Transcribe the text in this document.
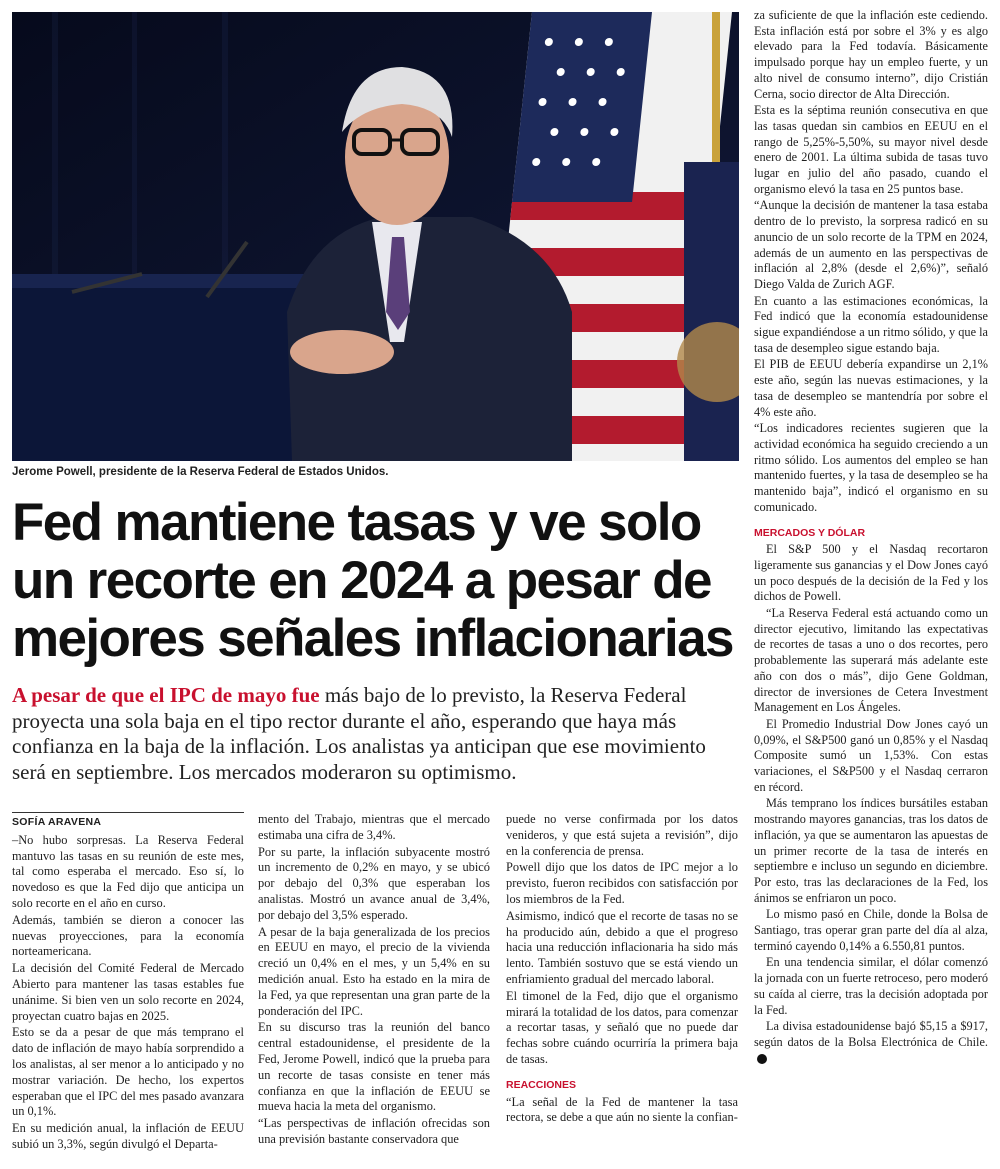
Jerome Powell, presidente de la Reserva Federal de Estados Unidos.
Fed mantiene tasas y ve solo un recorte en 2024 a pesar de mejores señales inflacionarias

A pesar de que el IPC de mayo fue más bajo de lo previsto, la Reserva Federal proyecta una sola baja en el tipo rector durante el año, esperando que haya más confianza en la baja de la inflación. Los analistas ya anticipan que ese movimiento será en septiembre. Los mercados moderaron su optimismo.

SOFÍA ARAVENA

–No hubo sorpresas. La Reserva Federal mantuvo las tasas en su reunión de este mes, tal como esperaba el mercado. Eso sí, lo novedoso es que la Fed dijo que anticipa un solo recorte en el año en curso.

Además, también se dieron a conocer las nuevas proyecciones, para la economía norteamericana.

La decisión del Comité Federal de Mercado Abierto para mantener las tasas estables fue unánime. Si bien ven un solo recorte en 2024, proyectan cuatro bajas en 2025.

Esto se da a pesar de que más temprano el dato de inflación de mayo había sorprendido a los analistas, al ser menor a lo anticipado y no mostrar variación. De hecho, los expertos esperaban que el IPC del mes pasado avanzara un 0,1%.

En su medición anual, la inflación de EEUU subió un 3,3%, según divulgó el Departa-

mento del Trabajo, mientras que el mercado estimaba una cifra de 3,4%.

Por su parte, la inflación subyacente mostró un incremento de 0,2% en mayo, y se ubicó por debajo del 0,3% que esperaban los analistas. Mostró un avance anual de 3,4%, por debajo del 3,5% esperado.

A pesar de la baja generalizada de los precios en EEUU en mayo, el precio de la vivienda creció un 0,4% en el mes, y un 5,4% en su medición anual. Esto ha estado en la mira de la Fed, ya que representan una gran parte de la ponderación del IPC.

En su discurso tras la reunión del banco central estadounidense, el presidente de la Fed, Jerome Powell, indicó que la prueba para un recorte de tasas consiste en tener más confianza en que la inflación de EEUU se mueva hacia la meta del organismo.

“Las perspectivas de inflación ofrecidas son una previsión bastante conservadora que

puede no verse confirmada por los datos venideros, y que está sujeta a revisión”, dijo en la conferencia de prensa.

Powell dijo que los datos de IPC mejor a lo previsto, fueron recibidos con satisfacción por los miembros de la Fed.

Asimismo, indicó que el recorte de tasas no se ha producido aún, debido a que el progreso hacia una reducción inflacionaria ha sido más lento. También sostuvo que se está viendo un enfriamiento gradual del mercado laboral.

El timonel de la Fed, dijo que el organismo mirará la totalidad de los datos, para comenzar a recortar tasas, y señaló que no puede dar fechas sobre cuándo ocurriría la primera baja de tasas.

REACCIONES

“La señal de la Fed de mantener la tasa rectora, se debe a que aún no siente la confian-

za suficiente de que la inflación este cediendo. Esta inflación está por sobre el 3% y es algo elevado para la Fed todavía. Básicamente impulsado porque hay un empleo fuerte, y un alto nivel de consumo interno”, dijo Cristián Cerna, socio director de Alta Dirección.

Esta es la séptima reunión consecutiva en que las tasas quedan sin cambios en EEUU en el rango de 5,25%-5,50%, su mayor nivel desde enero de 2001. La última subida de tasas tuvo lugar en julio del año pasado, cuando el organismo elevó la tasa en 25 puntos base.

“Aunque la decisión de mantener la tasa estaba dentro de lo previsto, la sorpresa radicó en su anuncio de un solo recorte de la TPM en 2024, además de un aumento en las perspectivas de inflación al 2,8% (desde el 2,6%)”, señaló Diego Valda de Zurich AGF.

En cuanto a las estimaciones económicas, la Fed indicó que la economía estadounidense sigue expandiéndose a un ritmo sólido, y que la tasa de desempleo sigue estando baja.

El PIB de EEUU debería expandirse un 2,1% este año, según las nuevas estimaciones, y la tasa de desempleo se mantendría por sobre el 4% este año.

“Los indicadores recientes sugieren que la actividad económica ha seguido creciendo a un ritmo sólido. Los aumentos del empleo se han mantenido fuertes, y la tasa de desempleo se ha mantenido baja”, indicó el organismo en su comunicado.

MERCADOS Y DÓLAR

El S&P 500 y el Nasdaq recortaron ligeramente sus ganancias y el Dow Jones cayó un poco después de la decisión de la Fed y los dichos de Powell.

“La Reserva Federal está actuando como un director ejecutivo, limitando las expectativas de recortes de tasas a uno o dos recortes, pero probablemente las superará más adelante este año con dos o más”, dijo Gene Goldman, director de inversiones de Cetera Investment Management en Los Ángeles.

El Promedio Industrial Dow Jones cayó un 0,09%, el S&P500 ganó un 0,85% y el Nasdaq Composite sumó un 1,53%. Con estas variaciones, el S&P500 y el Nasdaq cerraron en récord.

Más temprano los índices bursátiles estaban mostrando mayores ganancias, tras los datos de inflación, ya que se aumentaron las apuestas de un primer recorte de la tasa de interés en septiembre e incluso un segundo en diciembre. Por esto, tras las declaraciones de la Fed, los ánimos se enfriaron un poco.

Lo mismo pasó en Chile, donde la Bolsa de Santiago, tras operar gran parte del día al alza, terminó cayendo 0,14% a 6.550,81 puntos.

En una tendencia similar, el dólar comenzó la jornada con un fuerte retroceso, pero moderó su caída al cierre, tras la decisión adoptada por la Fed.

La divisa estadounidense bajó $5,15 a $917, según datos de la Bolsa Electrónica de Chile.
